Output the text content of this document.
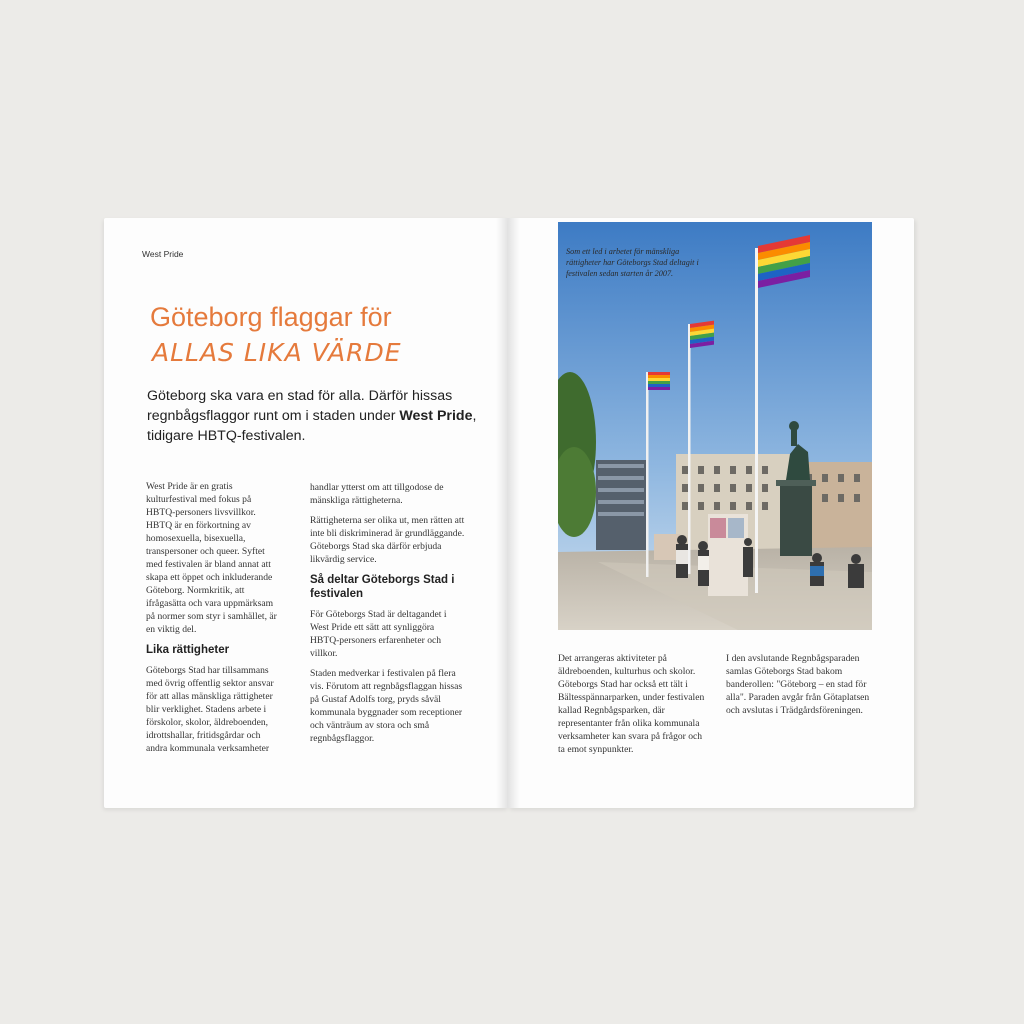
West Pride
Göteborg flaggar för
ALLAS LIKA VÄRDE
Göteborg ska vara en stad för alla. Därför hissas regnbågsflaggor runt om i staden under West Pride, tidigare HBTQ-festivalen.

West Pride är en gratis kulturfestival med fokus på HBTQ-personers livsvillkor. HBTQ är en förkortning av homosexuella, bisexuella, transpersoner och queer. Syftet med festivalen är bland annat att skapa ett öppet och inkluderande Göteborg. Normkritik, att ifrågasätta och vara uppmärksam på normer som styr i samhället, är en viktig del.

Lika rättigheter

Göteborgs Stad har tillsammans med övrig offentlig sektor ansvar för att allas mänskliga rättigheter blir verklighet. Stadens arbete i förskolor, skolor, äldreboenden, idrottshallar, fritidsgårdar och andra kommunala verksamheter

handlar ytterst om att tillgodose de mänskliga rättigheterna.

Rättigheterna ser olika ut, men rätten att inte bli diskriminerad är grundläggande. Göteborgs Stad ska därför erbjuda likvärdig service.

Så deltar Göteborgs Stad i festivalen

För Göteborgs Stad är deltagandet i West Pride ett sätt att synliggöra HBTQ-personers erfarenheter och villkor.

Staden medverkar i festivalen på flera vis. Förutom att regnbågsflaggan hissas på Gustaf Adolfs torg, pryds såväl kommunala byggnader som receptioner och vänträum av stora och små regnbågsflaggor.

Som ett led i arbetet för mänskliga rättigheter har Göteborgs Stad deltagit i festivalen sedan starten år 2007.

Det arrangeras aktiviteter på äldreboenden, kulturhus och skolor. Göteborgs Stad har också ett tält i Bältesspännarparken, under festivalen kallad Regnbågsparken, där representanter från olika kommunala verksamheter kan svara på frågor och ta emot synpunkter.

I den avslutande Regnbågsparaden samlas Göteborgs Stad bakom banderollen: "Göteborg – en stad för alla". Paraden avgår från Götaplatsen och avslutas i Trädgårdsföreningen.
